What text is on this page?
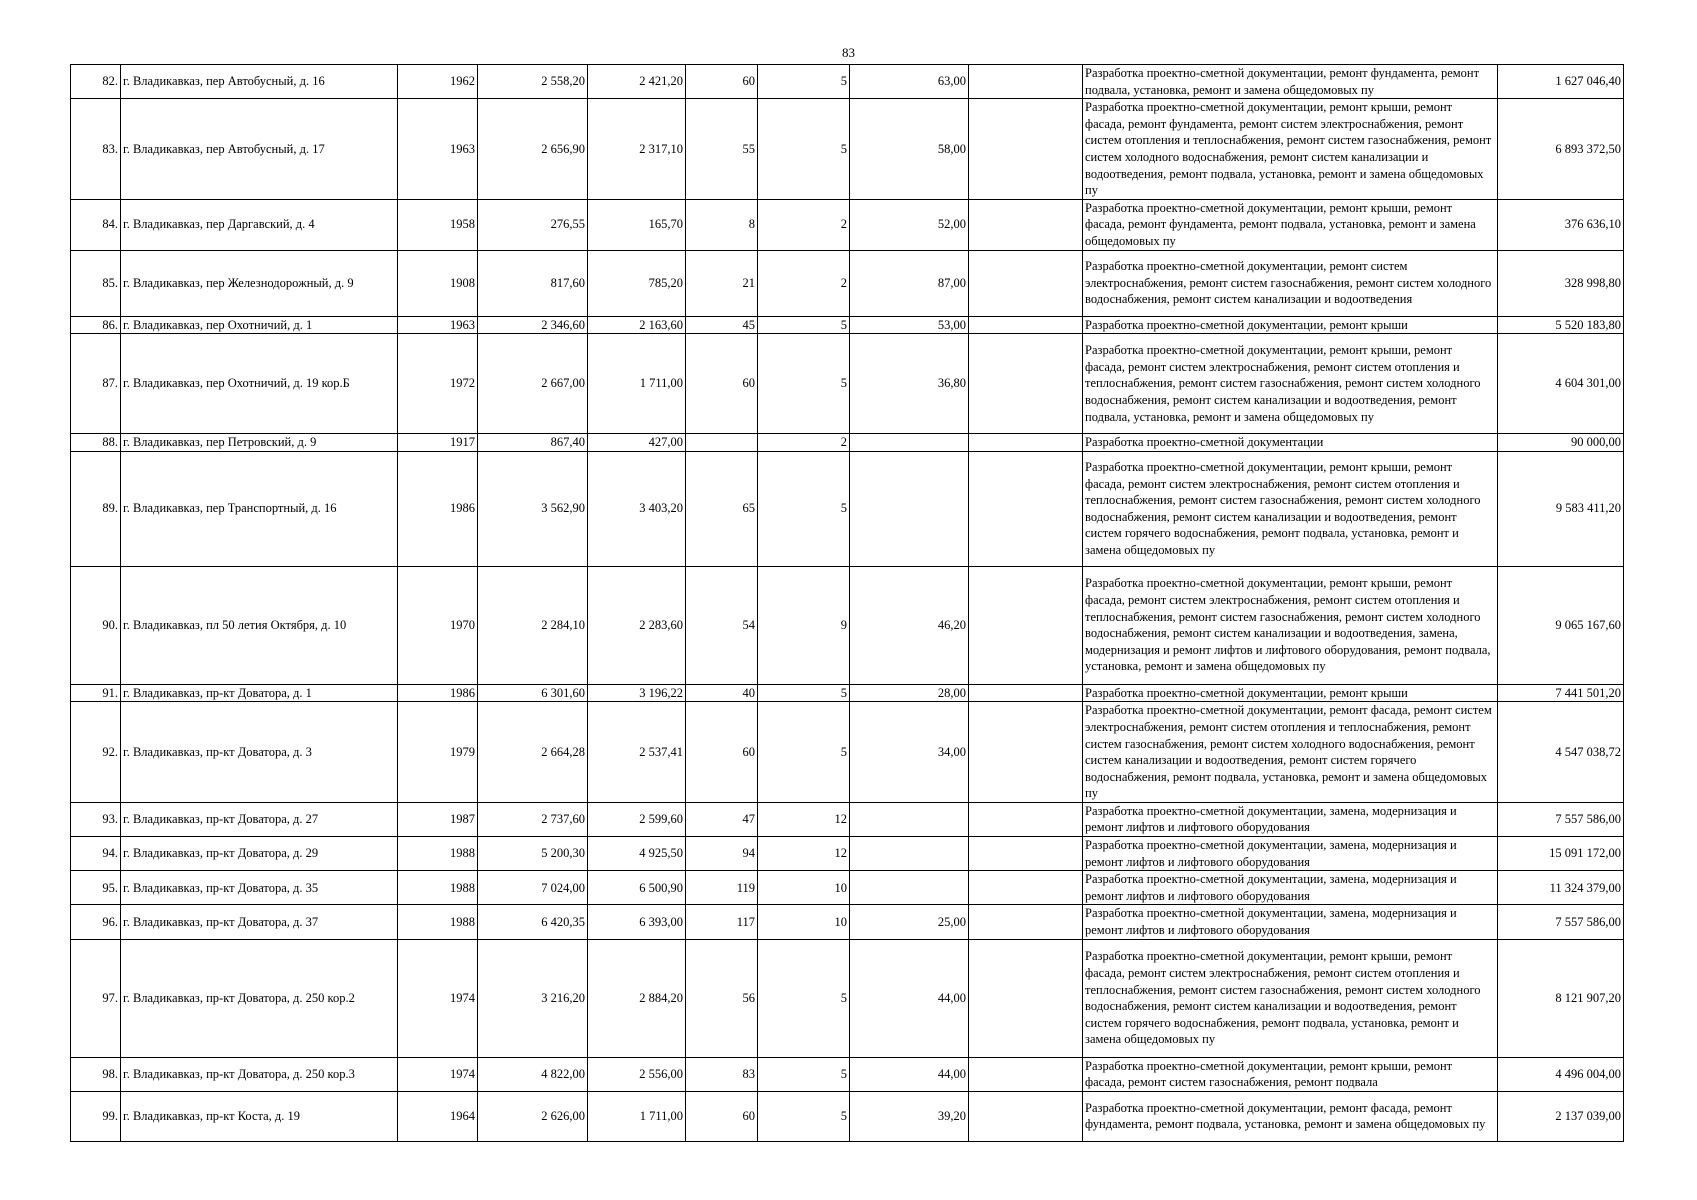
83
82.	г. Владикавказ, пер Автобусный, д. 16	1962	2 558,20	2 421,20	60	5	63,00		Разработка проектно-сметной документации, ремонт фундамента, ремонт подвала, установка, ремонт и замена общедомовых пу	1 627 046,40
83.	г. Владикавказ, пер Автобусный, д. 17	1963	2 656,90	2 317,10	55	5	58,00		Разработка проектно-сметной документации, ремонт крыши, ремонт фасада, ремонт фундамента, ремонт систем электроснабжения, ремонт систем отопления и теплоснабжения, ремонт систем газоснабжения, ремонт систем холодного водоснабжения, ремонт систем канализации и водоотведения, ремонт подвала, установка, ремонт и замена общедомовых пу	6 893 372,50
84.	г. Владикавказ, пер Даргавский, д. 4	1958	276,55	165,70	8	2	52,00		Разработка проектно-сметной документации, ремонт крыши, ремонт фасада, ремонт фундамента, ремонт подвала, установка, ремонт и замена общедомовых пу	376 636,10
85.	г. Владикавказ, пер Железнодорожный, д. 9	1908	817,60	785,20	21	2	87,00		Разработка проектно-сметной документации, ремонт систем электроснабжения, ремонт систем газоснабжения, ремонт систем холодного водоснабжения, ремонт систем канализации и водоотведения	328 998,80
86.	г. Владикавказ, пер Охотничий, д. 1	1963	2 346,60	2 163,60	45	5	53,00		Разработка проектно-сметной документации, ремонт крыши	5 520 183,80
87.	г. Владикавказ, пер Охотничий, д. 19 кор.Б	1972	2 667,00	1 711,00	60	5	36,80		Разработка проектно-сметной документации, ремонт крыши, ремонт фасада, ремонт систем электроснабжения, ремонт систем отопления и теплоснабжения, ремонт систем газоснабжения, ремонт систем холодного водоснабжения, ремонт систем канализации и водоотведения, ремонт подвала, установка, ремонт и замена общедомовых пу	4 604 301,00
88.	г. Владикавказ, пер Петровский, д. 9	1917	867,40	427,00		2			Разработка проектно-сметной документации	90 000,00
89.	г. Владикавказ, пер Транспортный, д. 16	1986	3 562,90	3 403,20	65	5			Разработка проектно-сметной документации, ремонт крыши, ремонт фасада, ремонт систем электроснабжения, ремонт систем отопления и теплоснабжения, ремонт систем газоснабжения, ремонт систем холодного водоснабжения, ремонт систем канализации и водоотведения, ремонт систем горячего водоснабжения, ремонт подвала, установка, ремонт и замена общедомовых пу	9 583 411,20
90.	г. Владикавказ, пл 50 летия Октября, д. 10	1970	2 284,10	2 283,60	54	9	46,20		Разработка проектно-сметной документации, ремонт крыши, ремонт фасада, ремонт систем электроснабжения, ремонт систем отопления и теплоснабжения, ремонт систем газоснабжения, ремонт систем холодного водоснабжения, ремонт систем канализации и водоотведения, замена, модернизация и ремонт лифтов и лифтового оборудования, ремонт подвала, установка, ремонт и замена общедомовых пу	9 065 167,60
91.	г. Владикавказ, пр-кт Доватора, д. 1	1986	6 301,60	3 196,22	40	5	28,00		Разработка проектно-сметной документации, ремонт крыши	7 441 501,20
92.	г. Владикавказ, пр-кт Доватора, д. 3	1979	2 664,28	2 537,41	60	5	34,00		Разработка проектно-сметной документации, ремонт фасада, ремонт систем электроснабжения, ремонт систем отопления и теплоснабжения, ремонт систем газоснабжения, ремонт систем холодного водоснабжения, ремонт систем канализации и водоотведения, ремонт систем горячего водоснабжения, ремонт подвала, установка, ремонт и замена общедомовых пу	4 547 038,72
93.	г. Владикавказ, пр-кт Доватора, д. 27	1987	2 737,60	2 599,60	47	12			Разработка проектно-сметной документации, замена, модернизация и ремонт лифтов и лифтового оборудования	7 557 586,00
94.	г. Владикавказ, пр-кт Доватора, д. 29	1988	5 200,30	4 925,50	94	12			Разработка проектно-сметной документации, замена, модернизация и ремонт лифтов и лифтового оборудования	15 091 172,00
95.	г. Владикавказ, пр-кт Доватора, д. 35	1988	7 024,00	6 500,90	119	10			Разработка проектно-сметной документации, замена, модернизация и ремонт лифтов и лифтового оборудования	11 324 379,00
96.	г. Владикавказ, пр-кт Доватора, д. 37	1988	6 420,35	6 393,00	117	10	25,00		Разработка проектно-сметной документации, замена, модернизация и ремонт лифтов и лифтового оборудования	7 557 586,00
97.	г. Владикавказ, пр-кт Доватора, д. 250 кор.2	1974	3 216,20	2 884,20	56	5	44,00		Разработка проектно-сметной документации, ремонт крыши, ремонт фасада, ремонт систем электроснабжения, ремонт систем отопления и теплоснабжения, ремонт систем газоснабжения, ремонт систем холодного водоснабжения, ремонт систем канализации и водоотведения, ремонт систем горячего водоснабжения, ремонт подвала, установка, ремонт и замена общедомовых пу	8 121 907,20
98.	г. Владикавказ, пр-кт Доватора, д. 250 кор.3	1974	4 822,00	2 556,00	83	5	44,00		Разработка проектно-сметной документации, ремонт крыши, ремонт фасада, ремонт систем газоснабжения, ремонт подвала	4 496 004,00
99.	г. Владикавказ, пр-кт Коста, д. 19	1964	2 626,00	1 711,00	60	5	39,20		Разработка проектно-сметной документации, ремонт фасада, ремонт фундамента, ремонт подвала, установка, ремонт и замена общедомовых пу	2 137 039,00
